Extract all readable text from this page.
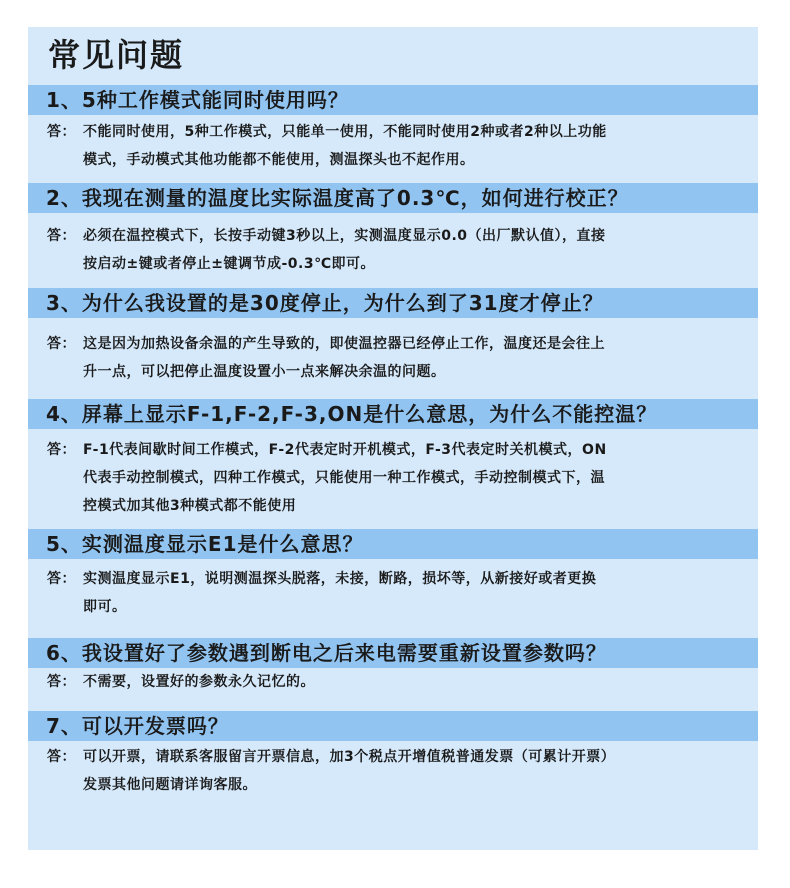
常见问题
1、5种工作模式能同时使用吗？
答： 不能同时使用，5种工作模式，只能单一使用，不能同时使用2种或者2种以上功能
模式，手动模式其他功能都不能使用，测温探头也不起作用。
2、我现在测量的温度比实际温度高了0.3℃，如何进行校正？
答： 必须在温控模式下，长按手动键3秒以上，实测温度显示0.0（出厂默认值），直接
按启动±键或者停止±键调节成-0.3℃即可。
3、为什么我设置的是30度停止，为什么到了31度才停止？
答： 这是因为加热设备余温的产生导致的，即使温控器已经停止工作，温度还是会往上
升一点，可以把停止温度设置小一点来解决余温的问题。
4、屏幕上显示F-1,F-2,F-3,ON是什么意思，为什么不能控温？
答： F-1代表间歇时间工作模式，F-2代表定时开机模式，F-3代表定时关机模式，ON
代表手动控制模式，四种工作模式，只能使用一种工作模式，手动控制模式下，温
控模式加其他3种模式都不能使用
5、实测温度显示E1是什么意思？
答： 实测温度显示E1，说明测温探头脱落，未接，断路，损坏等，从新接好或者更换
即可。
6、我设置好了参数遇到断电之后来电需要重新设置参数吗？
答： 不需要，设置好的参数永久记忆的。
7、可以开发票吗？
答： 可以开票，请联系客服留言开票信息，加3个税点开增值税普通发票（可累计开票）
发票其他问题请详询客服。
